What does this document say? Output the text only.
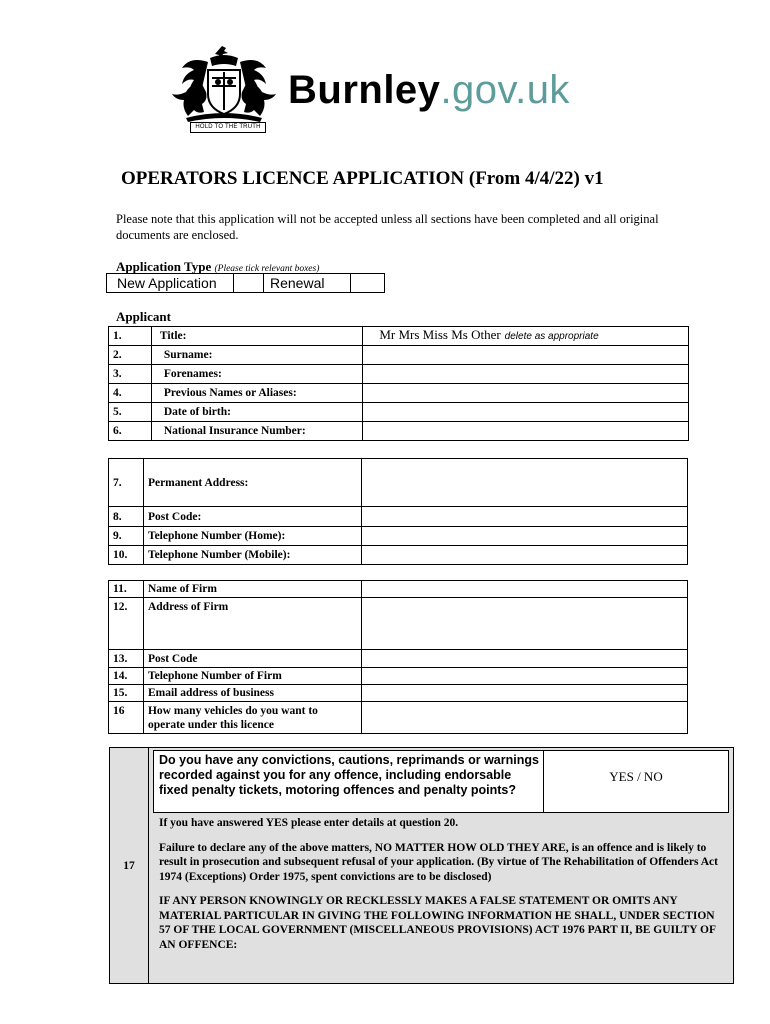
HOLD TO THE TRUTH
Burnley.gov.uk
OPERATORS LICENCE APPLICATION (From 4/4/22) v1
Please note that this application will not be accepted unless all sections have been completed and all original documents are enclosed.
Application Type (Please tick relevant boxes)
New Application	Renewal
Applicant
1.	Title:	Mr Mrs Miss Ms Other delete as appropriate
2.	Surname:	
3.	Forenames:	
4.	Previous Names or Aliases:	
5.	Date of birth:	
6.	National Insurance Number:	
7.	Permanent Address:	
8.	Post Code:	
9.	Telephone Number (Home):	
10.	Telephone Number (Mobile):	
11.	Name of Firm	
12.	Address of Firm	
13.	Post Code	
14.	Telephone Number of Firm	
15.	Email address of business	
16	How many vehicles do you want to operate under this licence	
17
Do you have any convictions, cautions, reprimands or warnings recorded against you for any offence, including endorsable fixed penalty tickets, motoring offences and penalty points?
YES / NO

If you have answered YES please enter details at question 20.

Failure to declare any of the above matters, NO MATTER HOW OLD THEY ARE, is an offence and is likely to result in prosecution and subsequent refusal of your application. (By virtue of The Rehabilitation of Offenders Act 1974 (Exceptions) Order 1975, spent convictions are to be disclosed)

IF ANY PERSON KNOWINGLY OR RECKLESSLY MAKES A FALSE STATEMENT OR OMITS ANY MATERIAL PARTICULAR IN GIVING THE FOLLOWING INFORMATION HE SHALL, UNDER SECTION 57 OF THE LOCAL GOVERNMENT (MISCELLANEOUS PROVISIONS) ACT 1976 PART II, BE GUILTY OF AN OFFENCE:
